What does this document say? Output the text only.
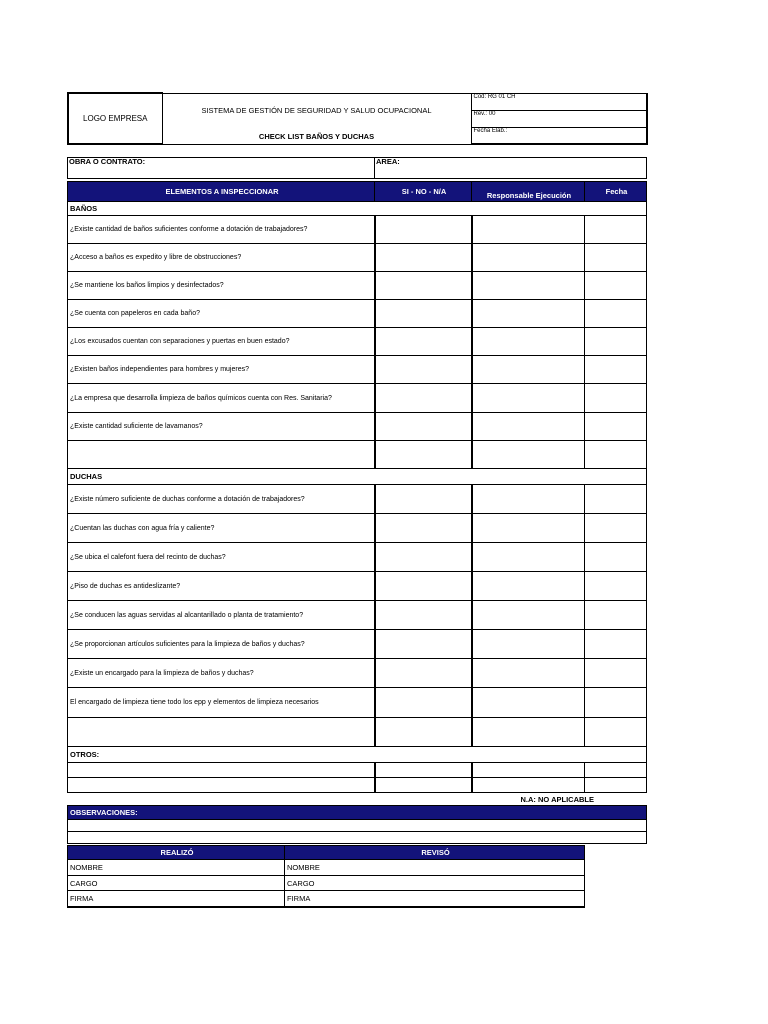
LOGO EMPRESA	SISTEMA DE GESTIÓN DE SEGURIDAD Y SALUD OCUPACIONAL	Cod: RG 01 CH
		Rev.: 00
	CHECK LIST BAÑOS Y DUCHAS	Fecha Elab.:
OBRA O CONTRATO:	AREA:
ELEMENTOS A INSPECCIONAR	SI - NO - N/A	Responsable Ejecución	Fecha
BAÑOS			
¿Existe cantidad de baños suficientes conforme a dotación de trabajadores?			
¿Acceso a baños es expedito y libre de obstrucciones?			
¿Se mantiene los baños limpios y desinfectados?			
¿Se cuenta con papeleros en cada baño?			
¿Los excusados cuentan con separaciones y puertas en buen estado?			
¿Existen baños independientes para hombres y mujeres?			
¿La empresa que desarrolla limpieza de baños químicos cuenta con Res. Sanitaria?			
¿Existe cantidad suficiente de lavamanos?			

DUCHAS			
¿Existe número suficiente de duchas conforme a dotación de trabajadores?			
¿Cuentan las duchas con agua fría y caliente?			
¿Se ubica el calefont fuera del recinto de duchas?			
¿Piso de duchas es antideslizante?			
¿Se conducen las aguas servidas al alcantarillado o planta de tratamiento?			
¿Se proporcionan artículos suficientes para la limpieza de baños y duchas?			
¿Existe un encargado para la limpieza de baños y duchas?			
El encargado de limpieza tiene todo los epp y elementos de limpieza necesarios			

OTROS:			

N.A: NO APLICABLE
OBSERVACIONES:

REALIZÓ	REVISÓ
NOMBRE	NOMBRE
CARGO	CARGO
FIRMA	FIRMA
